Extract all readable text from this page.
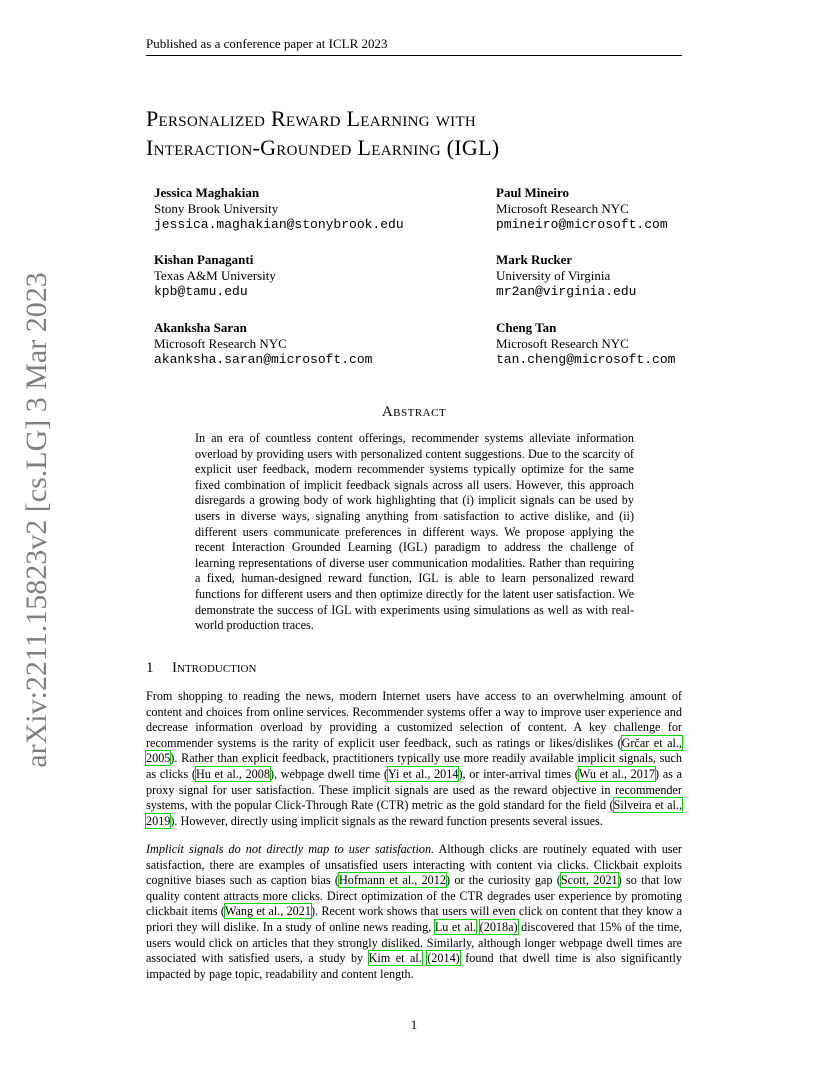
Published as a conference paper at ICLR 2023
arXiv:2211.15823v2 [cs.LG] 3 Mar 2023
Personalized Reward Learning with
Interaction-Grounded Learning (IGL)
Jessica Maghakian
Stony Brook University
jessica.maghakian@stonybrook.edu
Paul Mineiro
Microsoft Research NYC
pmineiro@microsoft.com
Kishan Panaganti
Texas A&M University
kpb@tamu.edu
Mark Rucker
University of Virginia
mr2an@virginia.edu
Akanksha Saran
Microsoft Research NYC
akanksha.saran@microsoft.com
Cheng Tan
Microsoft Research NYC
tan.cheng@microsoft.com
Abstract
In an era of countless content offerings, recommender systems alleviate information overload by providing users with personalized content suggestions. Due to the scarcity of explicit user feedback, modern recommender systems typically optimize for the same fixed combination of implicit feedback signals across all users. However, this approach disregards a growing body of work highlighting that (i) implicit signals can be used by users in diverse ways, signaling anything from satisfaction to active dislike, and (ii) different users communicate preferences in different ways. We propose applying the recent Interaction Grounded Learning (IGL) paradigm to address the challenge of learning representations of diverse user communication modalities. Rather than requiring a fixed, human-designed reward function, IGL is able to learn personalized reward functions for different users and then optimize directly for the latent user satisfaction. We demonstrate the success of IGL with experiments using simulations as well as with real-world production traces.
1 Introduction
From shopping to reading the news, modern Internet users have access to an overwhelming amount of content and choices from online services. Recommender systems offer a way to improve user experience and decrease information overload by providing a customized selection of content. A key challenge for recommender systems is the rarity of explicit user feedback, such as ratings or likes/dislikes (Grčar et al., 2005). Rather than explicit feedback, practitioners typically use more readily available implicit signals, such as clicks (Hu et al., 2008), webpage dwell time (Yi et al., 2014), or inter-arrival times (Wu et al., 2017) as a proxy signal for user satisfaction. These implicit signals are used as the reward objective in recommender systems, with the popular Click-Through Rate (CTR) metric as the gold standard for the field (Silveira et al., 2019). However, directly using implicit signals as the reward function presents several issues.
Implicit signals do not directly map to user satisfaction. Although clicks are routinely equated with user satisfaction, there are examples of unsatisfied users interacting with content via clicks. Clickbait exploits cognitive biases such as caption bias (Hofmann et al., 2012) or the curiosity gap (Scott, 2021) so that low quality content attracts more clicks. Direct optimization of the CTR degrades user experience by promoting clickbait items (Wang et al., 2021). Recent work shows that users will even click on content that they know a priori they will dislike. In a study of online news reading, Lu et al. (2018a) discovered that 15% of the time, users would click on articles that they strongly disliked. Similarly, although longer webpage dwell times are associated with satisfied users, a study by Kim et al. (2014) found that dwell time is also significantly impacted by page topic, readability and content length.
1
